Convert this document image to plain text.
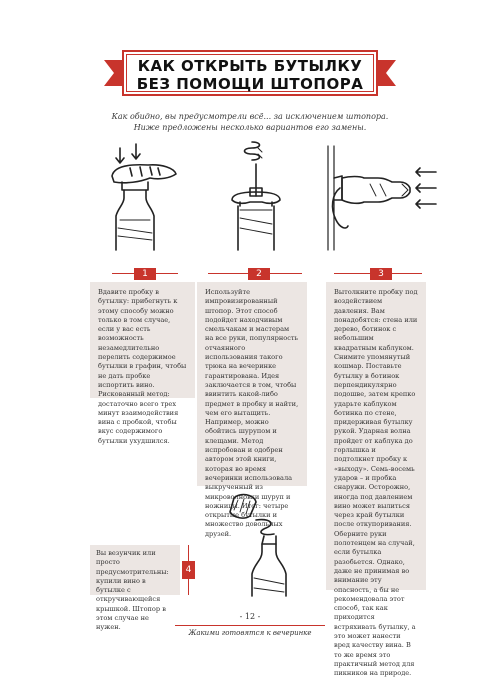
КАК ОТКРЫТЬ БУТЫЛКУ
БЕЗ ПОМОЩИ ШТОПОРА
Как обидно, вы предусмотрели всё... за исключением штопора.
Ниже предложены несколько вариантов его замены.
1	2	3
Вдавите пробку в бутылку: прибегнуть к этому способу можно только в том случае, если у вас есть возможность незамедлительно перелить содержимое бутылки в графин, чтобы не дать пробке испортить вино. Рискованный метод: достаточно всего трех минут взаимодействия вина с пробкой, чтобы вкус содержимого бутылки ухудшился.
Используйте импровизированный штопор. Этот способ подойдет находчивым смельчакам и мастерам на все руки, популярность отчаянного использования такого трюка на вечеринке гарантирована. Идея заключается в том, чтобы ввинтить какой-либо предмет в пробку и найти, чем его вытащить. Например, можно обойтись шурупом и клещами. Метод испробован и одобрен автором этой книги, которая во время вечеринки использовала выкрученный из микроволновки шуруп и ножницы. Итог: четыре открытые бутылки и множество довольных друзей.
Вытолкните пробку под воздействием давления. Вам понадобятся: стена или дерево, ботинок с небольшим квадратным каблуком. Снимите упомянутый кошмар. Поставьте бутылку в ботинок перпендикулярно подошве, затем крепко ударьте каблуком ботинка по стене, придерживая бутылку рукой. Ударная волна пройдет от каблука до горлышка и подтолкнет пробку к «выходу». Семь-восемь ударов – и пробка снаружи. Осторожно, иногда под давлением вино может вылиться через край бутылки после откупоривания. Оберните руки полотенцем на случай, если бутылка разобьется. Однако, даже не принимая во внимание эту опасность, а бы не рекомендовала этот способ, так как приходится встряхивать бутылку, а это может нанести вред качеству вина. В то же время это практичный метод для пикников на природе.
Вы везунчик или просто предусмотрительны: купили вино в бутылке с откручивающейся крышкой. Штопор в этом случае не нужен.
4
- 12 -
Жакими готовятся к вечеринке
